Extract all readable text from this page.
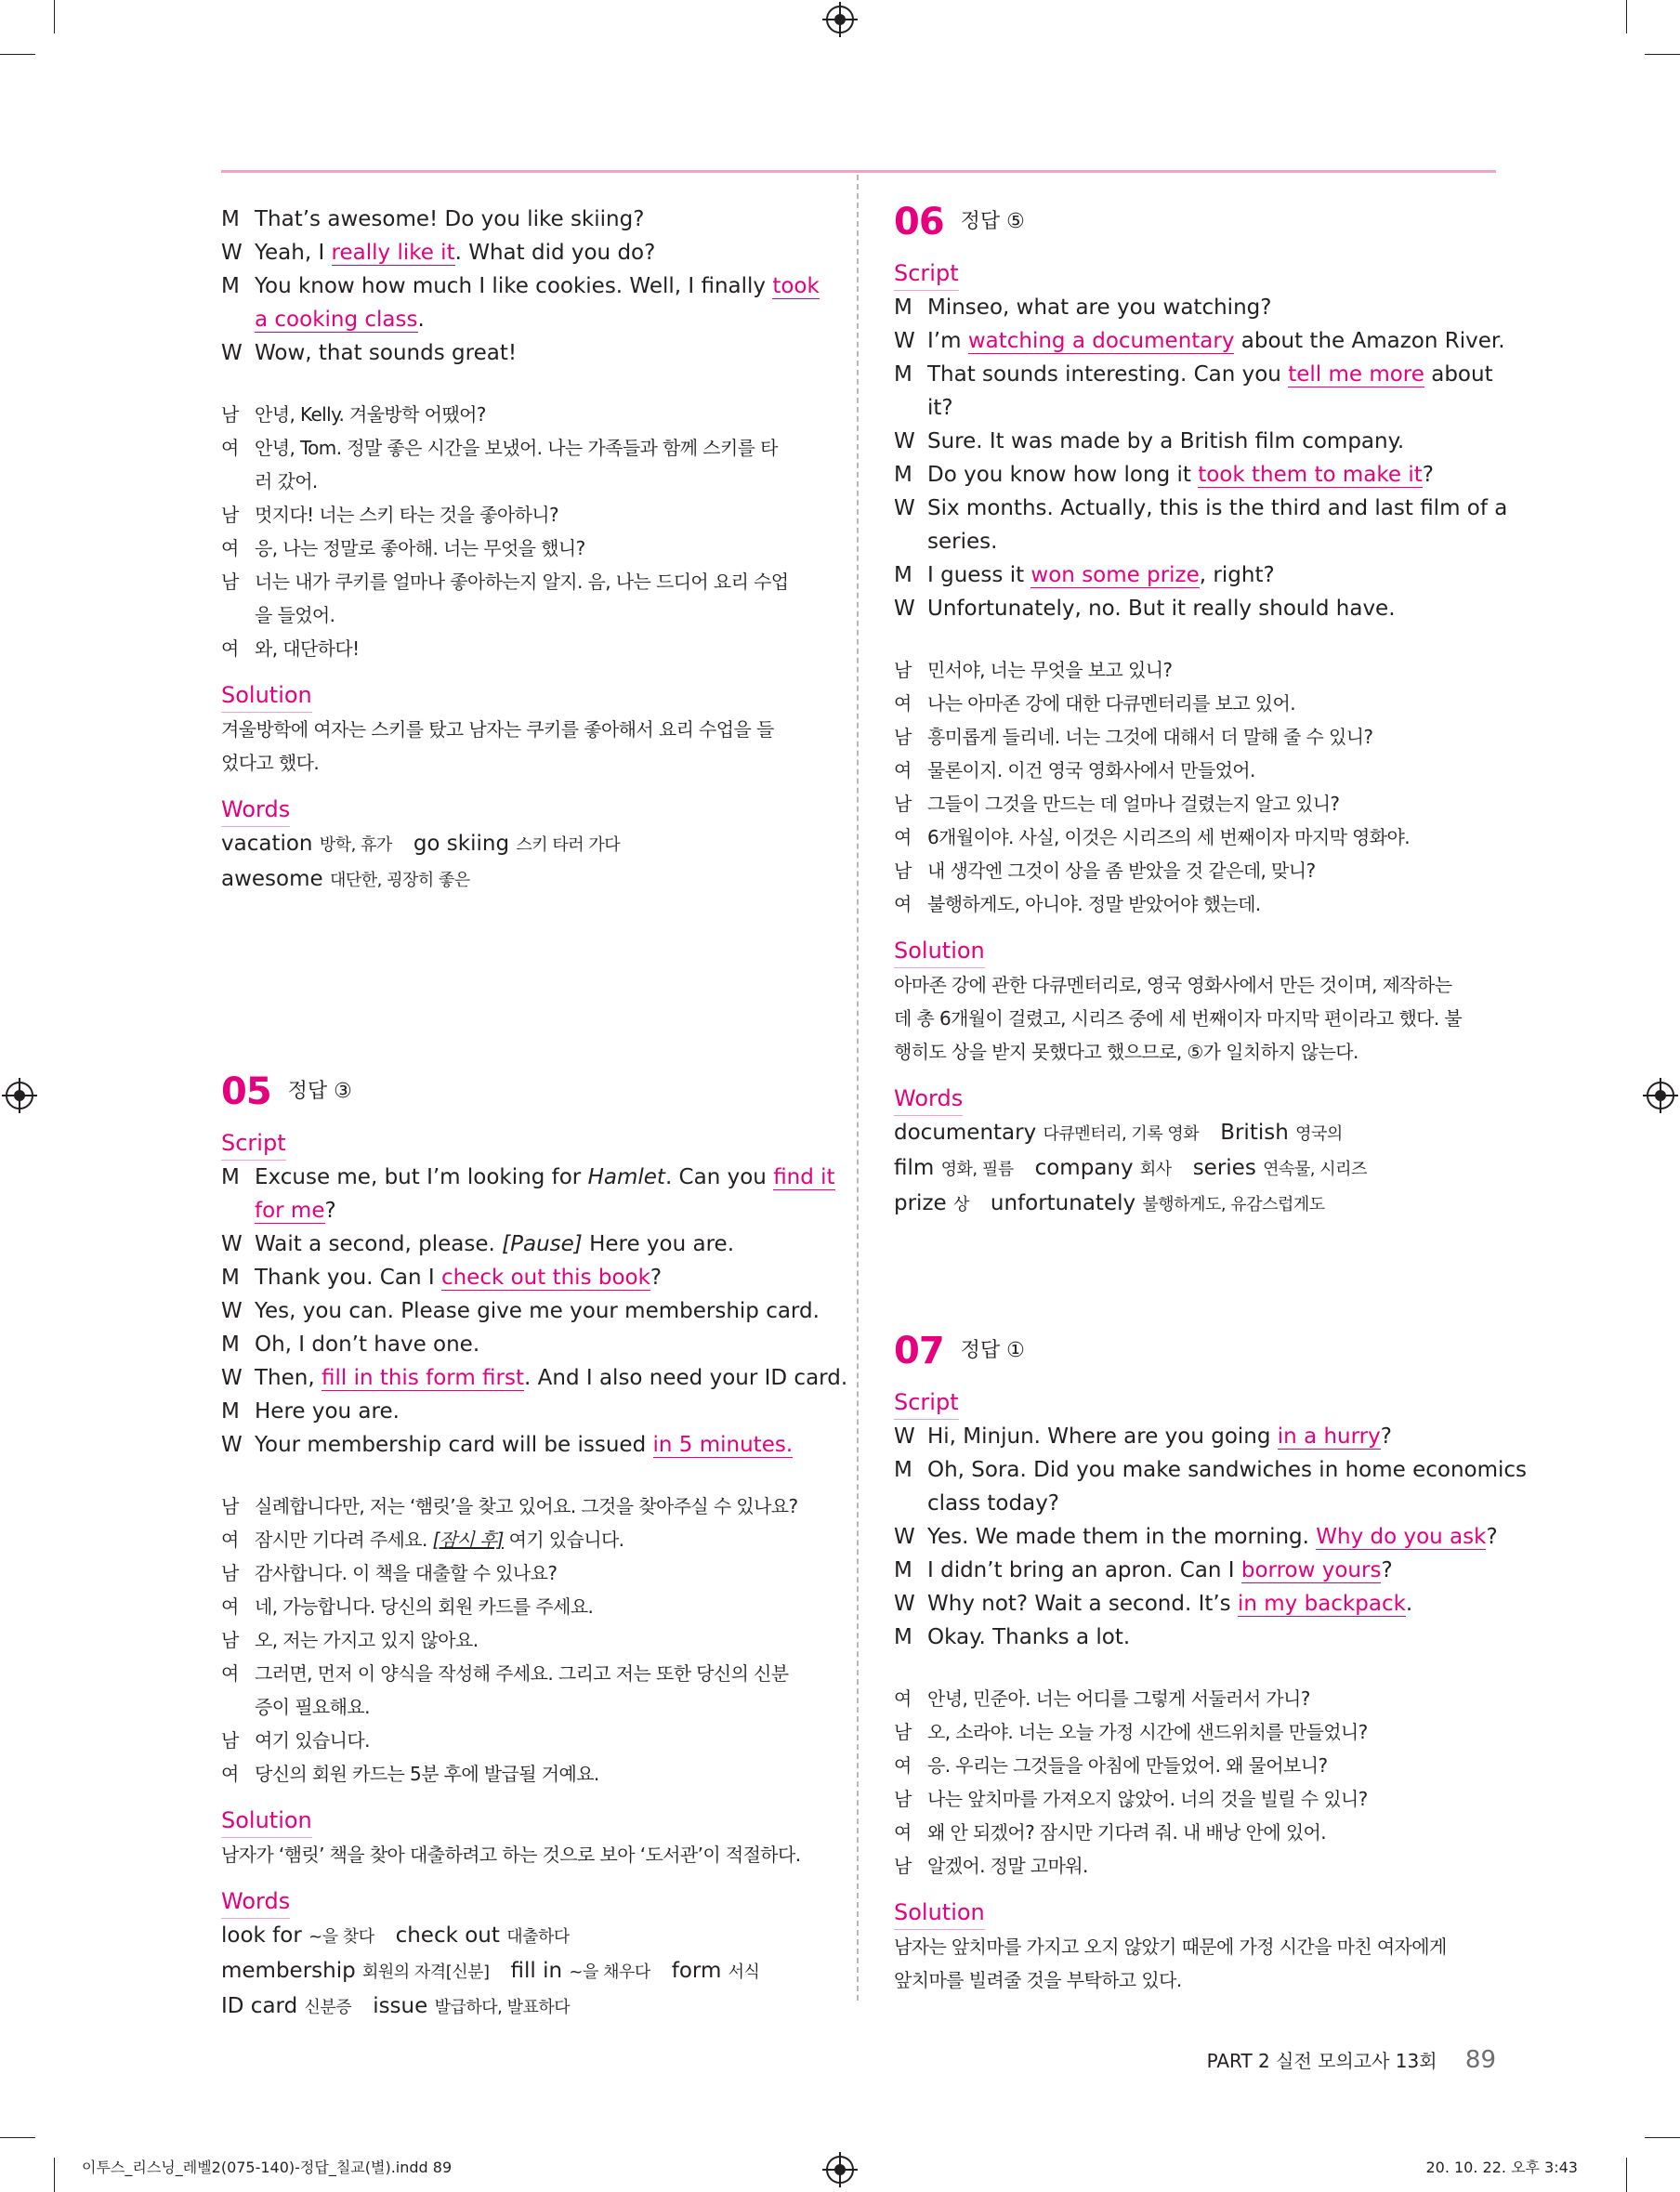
M That’s awesome! Do you like skiing?
W Yeah, I really like it. What did you do?
M You know how much I like cookies. Well, I finally took
a cooking class.
W Wow, that sounds great!
남 안녕, Kelly. 겨울방학 어땠어?
여 안녕, Tom. 정말 좋은 시간을 보냈어. 나는 가족들과 함께 스키를 타
러 갔어.
남 멋지다! 너는 스키 타는 것을 좋아하니?
여 응, 나는 정말로 좋아해. 너는 무엇을 했니?
남 너는 내가 쿠키를 얼마나 좋아하는지 알지. 음, 나는 드디어 요리 수업
을 들었어.
여 와, 대단하다!
Solution
겨울방학에 여자는 스키를 탔고 남자는 쿠키를 좋아해서 요리 수업을 들
었다고 했다.
Words
vacation 방학, 휴가 go skiing 스키 타러 가다
awesome 대단한, 굉장히 좋은
05 정답 ③
Script
M Excuse me, but I’m looking for Hamlet. Can you find it
for me?
W Wait a second, please. [Pause] Here you are.
M Thank you. Can I check out this book?
W Yes, you can. Please give me your membership card.
M Oh, I don’t have one.
W Then, fill in this form first. And I also need your ID card.
M Here you are.
W Your membership card will be issued in 5 minutes.
남 실례합니다만, 저는 ‘햄릿’을 찾고 있어요. 그것을 찾아주실 수 있나요?
여 잠시만 기다려 주세요. [잠시 후] 여기 있습니다.
남 감사합니다. 이 책을 대출할 수 있나요?
여 네, 가능합니다. 당신의 회원 카드를 주세요.
남 오, 저는 가지고 있지 않아요.
여 그러면, 먼저 이 양식을 작성해 주세요. 그리고 저는 또한 당신의 신분
증이 필요해요.
남 여기 있습니다.
여 당신의 회원 카드는 5분 후에 발급될 거예요.
Solution
남자가 ‘햄릿’ 책을 찾아 대출하려고 하는 것으로 보아 ‘도서관’이 적절하다.
Words
look for ~을 찾다 check out 대출하다
membership 회원의 자격[신분] fill in ~을 채우다 form 서식
ID card 신분증 issue 발급하다, 발표하다
06 정답 ⑤
Script
M Minseo, what are you watching?
W I’m watching a documentary about the Amazon River.
M That sounds interesting. Can you tell me more about
it?
W Sure. It was made by a British film company.
M Do you know how long it took them to make it?
W Six months. Actually, this is the third and last film of a
series.
M I guess it won some prize, right?
W Unfortunately, no. But it really should have.
남 민서야, 너는 무엇을 보고 있니?
여 나는 아마존 강에 대한 다큐멘터리를 보고 있어.
남 흥미롭게 들리네. 너는 그것에 대해서 더 말해 줄 수 있니?
여 물론이지. 이건 영국 영화사에서 만들었어.
남 그들이 그것을 만드는 데 얼마나 걸렸는지 알고 있니?
여 6개월이야. 사실, 이것은 시리즈의 세 번째이자 마지막 영화야.
남 내 생각엔 그것이 상을 좀 받았을 것 같은데, 맞니?
여 불행하게도, 아니야. 정말 받았어야 했는데.
Solution
아마존 강에 관한 다큐멘터리로, 영국 영화사에서 만든 것이며, 제작하는
데 총 6개월이 걸렸고, 시리즈 중에 세 번째이자 마지막 편이라고 했다. 불
행히도 상을 받지 못했다고 했으므로, ⑤가 일치하지 않는다.
Words
documentary 다큐멘터리, 기록 영화 British 영국의
film 영화, 필름 company 회사 series 연속물, 시리즈
prize 상 unfortunately 불행하게도, 유감스럽게도
07 정답 ①
Script
W Hi, Minjun. Where are you going in a hurry?
M Oh, Sora. Did you make sandwiches in home economics
class today?
W Yes. We made them in the morning. Why do you ask?
M I didn’t bring an apron. Can I borrow yours?
W Why not? Wait a second. It’s in my backpack.
M Okay. Thanks a lot.
여 안녕, 민준아. 너는 어디를 그렇게 서둘러서 가니?
남 오, 소라야. 너는 오늘 가정 시간에 샌드위치를 만들었니?
여 응. 우리는 그것들을 아침에 만들었어. 왜 물어보니?
남 나는 앞치마를 가져오지 않았어. 너의 것을 빌릴 수 있니?
여 왜 안 되겠어? 잠시만 기다려 줘. 내 배낭 안에 있어.
남 알겠어. 정말 고마워.
Solution
남자는 앞치마를 가지고 오지 않았기 때문에 가정 시간을 마친 여자에게
앞치마를 빌려줄 것을 부탁하고 있다.
PART 2 실전 모의고사 13회 89
이투스_리스닝_레벨2(075-140)-정답_칠교(별).indd 89	20. 10. 22. 오후 3:43
